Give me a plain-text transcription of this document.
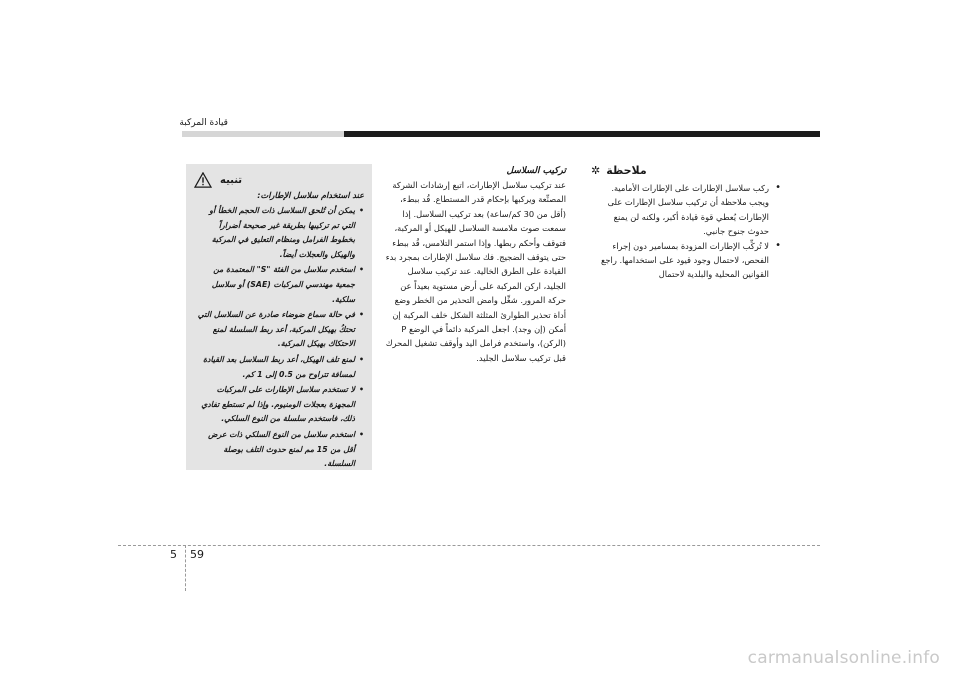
قيادة المركبة
تنبيه
عند استخدام سلاسل الإطارات:
• يمكن أن تُلحق السلاسل ذات الحجم الخطأ أو التي تم تركيبها بطريقة غير صحيحة أضراراً بخطوط الفرامل ومنظام التعليق في المركبة والهيكل والعجلات أيضاً.
• استخدم سلاسل من الفئة "S" المعتمدة من جمعية مهندسي المركبات (SAE) أو سلاسل سلكية.
• في حالة سماع ضوضاء صادرة عن السلاسل التي تحتكُ بهيكل المركبة، أعد ربط السلسلة لمنع الاحتكاك بهيكل المركبة.
• لمنع تلف الهيكل، أعد ربط السلاسل بعد القيادة لمسافة تتراوح من 0.5 إلى 1 كم.
• لا تستخدم سلاسل الإطارات على المركبات المجهزة بعجلات الومنيوم. وإذا لم تستطع تفادي ذلك، فاستخدم سلسلة من النوع السلكي.
• استخدم سلاسل من النوع السلكي ذات عرض أقل من 15 مم لمنع حدوث التلف بوصلة السلسلة.
تركيب السلاسل
عند تركيب سلاسل الإطارات، اتبع إرشادات الشركة المصنِّعة ويركبها بإحكام قدر المستطاع. قُد ببطء، (أقل من 30 كم/ساعة) بعد تركيب السلاسل. إذا سمعت صوت ملامسة السلاسل للهيكل أو المركبة، فتوقف وأحكم ربطها. وإذا استمر التلامس، قُد ببطء حتى يتوقف الضجيج. فك سلاسل الإطارات بمجرد بدء القيادة على الطرق الخالية. عند تركيب سلاسل الجليد، اركن المركبة على أرض مستوية بعيداً عن حركة المرور. شغِّل وامض التحذير من الخطر وضع أداة تحذير الطوارئ المثلثة الشكل خلف المركبة إن أمكن (إن وجد). اجعل المركبة دائماً في الوضع P (الركن)، واستخدم فرامل اليد وأوقف تشغيل المحرك قبل تركيب سلاسل الجليد.
✲ ملاحظة
• ركب سلاسل الإطارات على الإطارات الأمامية. ويجب ملاحظة أن تركيب سلاسل الإطارات على الإطارات يُعطي قوة قيادة أكبر، ولكنه لن يمنع حدوث جنوح جانبي.
• لا تُركِّب الإطارات المزودة بمسامير دون إجراء الفحص، لاحتمال وجود قيود على استخدامها. راجع القوانين المحلية والبلدية لاحتمال
5 59
carmanualsonline.info
